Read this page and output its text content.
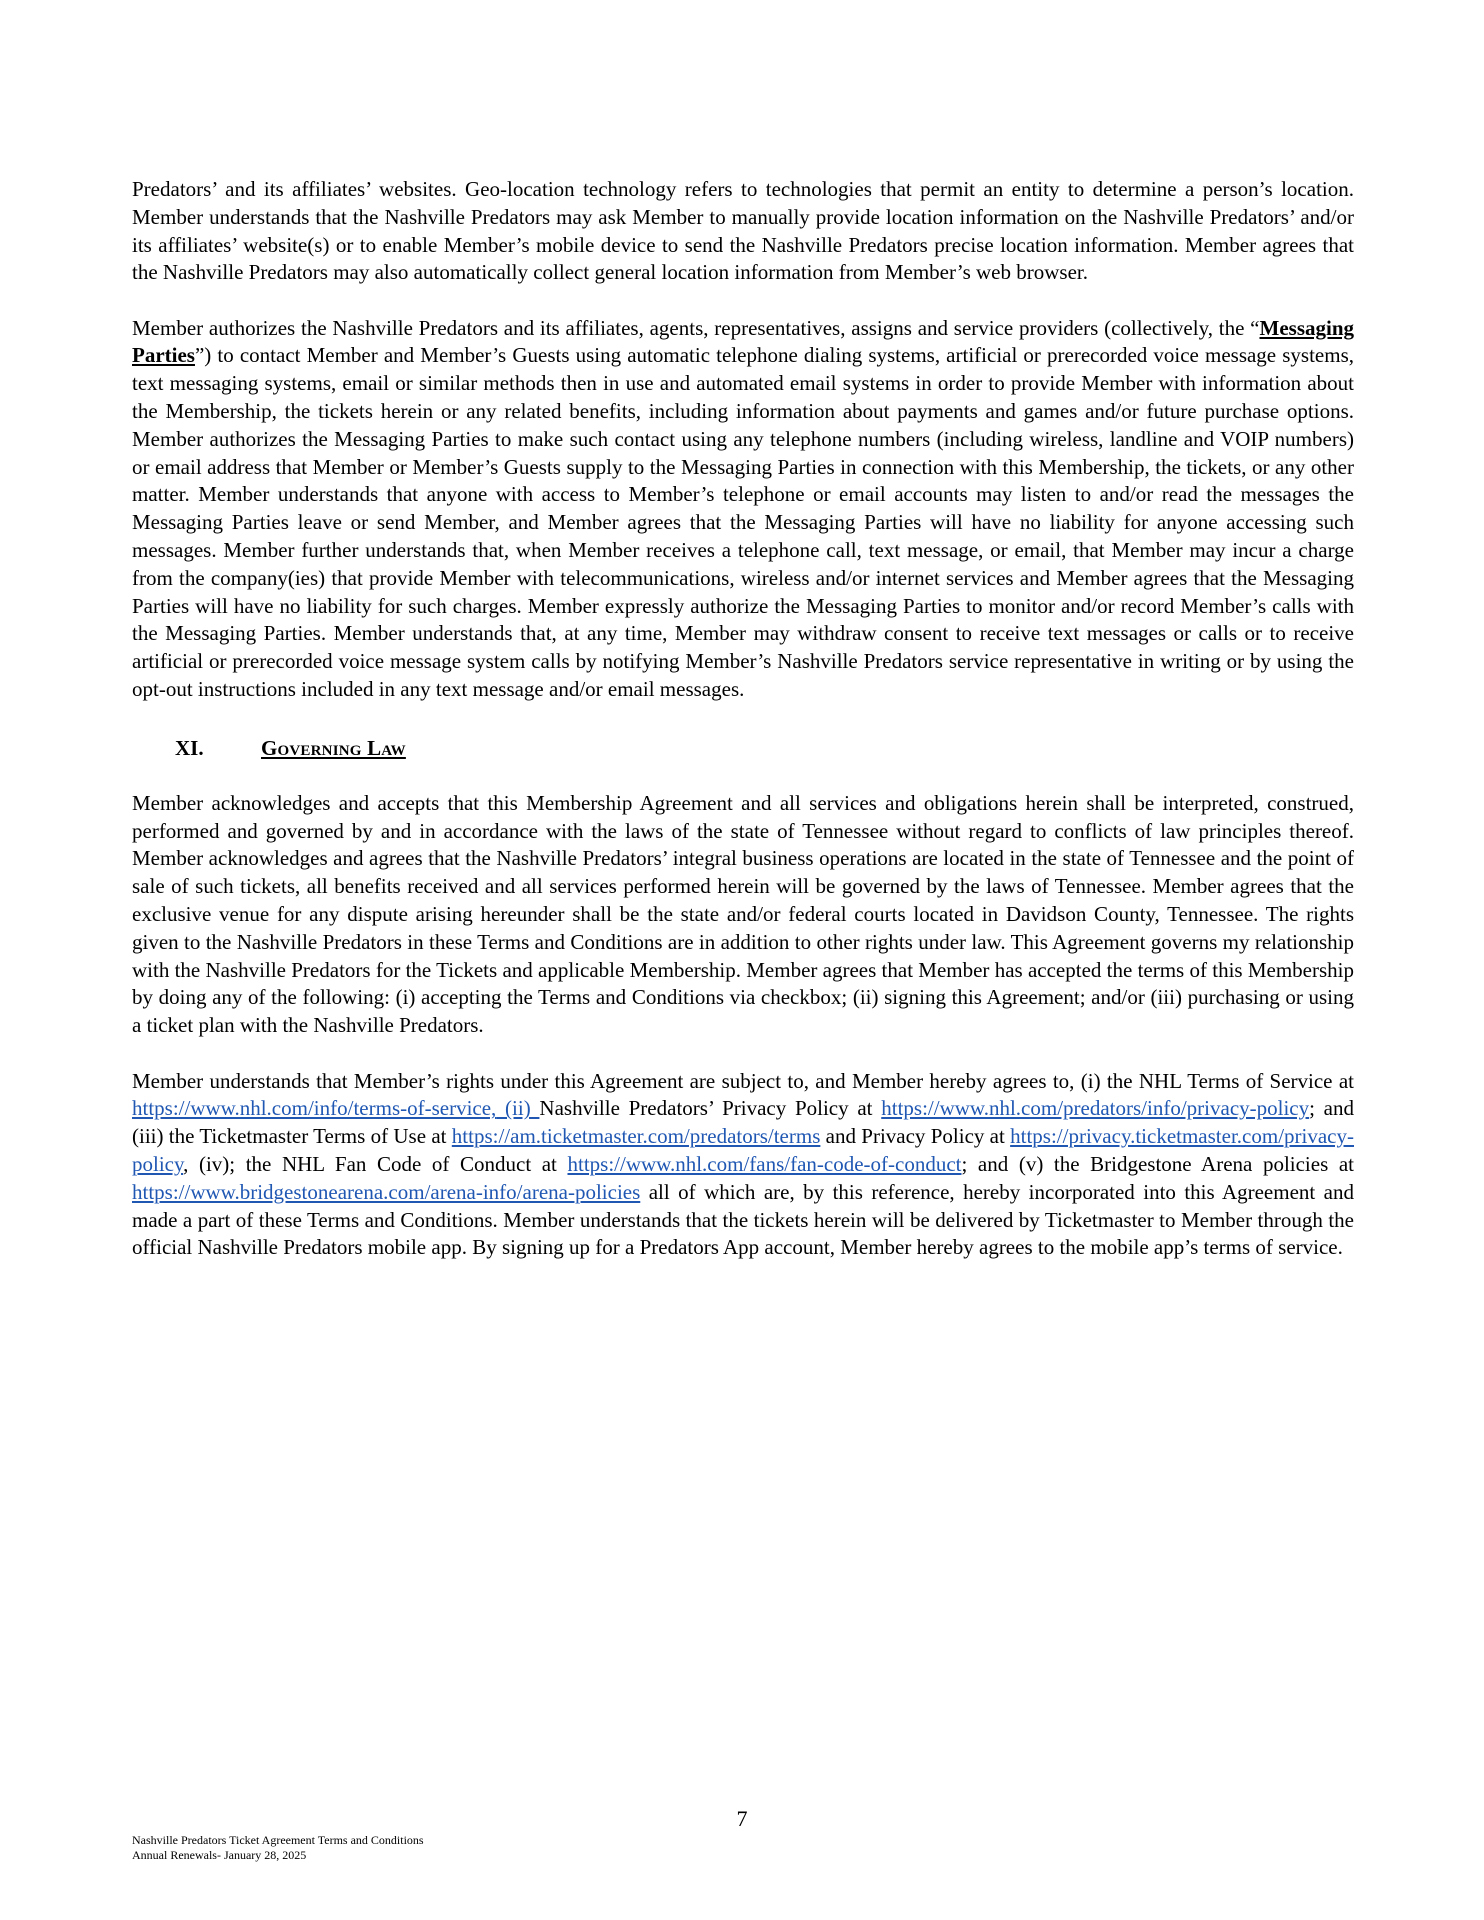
Predators’ and its affiliates’ websites. Geo-location technology refers to technologies that permit an entity to determine a person’s location. Member understands that the Nashville Predators may ask Member to manually provide location information on the Nashville Predators’ and/or its affiliates’ website(s) or to enable Member’s mobile device to send the Nashville Predators precise location information. Member agrees that the Nashville Predators may also automatically collect general location information from Member’s web browser.

Member authorizes the Nashville Predators and its affiliates, agents, representatives, assigns and service providers (collectively, the “Messaging Parties”) to contact Member and Member’s Guests using automatic telephone dialing systems, artificial or prerecorded voice message systems, text messaging systems, email or similar methods then in use and automated email systems in order to provide Member with information about the Membership, the tickets herein or any related benefits, including information about payments and games and/or future purchase options. Member authorizes the Messaging Parties to make such contact using any telephone numbers (including wireless, landline and VOIP numbers) or email address that Member or Member’s Guests supply to the Messaging Parties in connection with this Membership, the tickets, or any other matter. Member understands that anyone with access to Member’s telephone or email accounts may listen to and/or read the messages the Messaging Parties leave or send Member, and Member agrees that the Messaging Parties will have no liability for anyone accessing such messages. Member further understands that, when Member receives a telephone call, text message, or email, that Member may incur a charge from the company(ies) that provide Member with telecommunications, wireless and/or internet services and Member agrees that the Messaging Parties will have no liability for such charges. Member expressly authorize the Messaging Parties to monitor and/or record Member’s calls with the Messaging Parties. Member understands that, at any time, Member may withdraw consent to receive text messages or calls or to receive artificial or prerecorded voice message system calls by notifying Member’s Nashville Predators service representative in writing or by using the opt-out instructions included in any text message and/or email messages.

XI.	Governing Law

Member acknowledges and accepts that this Membership Agreement and all services and obligations herein shall be interpreted, construed, performed and governed by and in accordance with the laws of the state of Tennessee without regard to conflicts of law principles thereof. Member acknowledges and agrees that the Nashville Predators’ integral business operations are located in the state of Tennessee and the point of sale of such tickets, all benefits received and all services performed herein will be governed by the laws of Tennessee. Member agrees that the exclusive venue for any dispute arising hereunder shall be the state and/or federal courts located in Davidson County, Tennessee. The rights given to the Nashville Predators in these Terms and Conditions are in addition to other rights under law. This Agreement governs my relationship with the Nashville Predators for the Tickets and applicable Membership. Member agrees that Member has accepted the terms of this Membership by doing any of the following: (i) accepting the Terms and Conditions via checkbox; (ii) signing this Agreement; and/or (iii) purchasing or using a ticket plan with the Nashville Predators.

Member understands that Member’s rights under this Agreement are subject to, and Member hereby agrees to, (i) the NHL Terms of Service at https://www.nhl.com/info/terms-of-service, (ii) Nashville Predators’ Privacy Policy at https://www.nhl.com/predators/info/privacy-policy; and (iii) the Ticketmaster Terms of Use at https://am.ticketmaster.com/predators/terms and Privacy Policy at https://privacy.ticketmaster.com/privacy-policy, (iv); the NHL Fan Code of Conduct at https://www.nhl.com/fans/fan-code-of-conduct; and (v) the Bridgestone Arena policies at https://www.bridgestonearena.com/arena-info/arena-policies all of which are, by this reference, hereby incorporated into this Agreement and made a part of these Terms and Conditions. Member understands that the tickets herein will be delivered by Ticketmaster to Member through the official Nashville Predators mobile app. By signing up for a Predators App account, Member hereby agrees to the mobile app’s terms of service.

7
Nashville Predators Ticket Agreement Terms and Conditions
Annual Renewals- January 28, 2025
